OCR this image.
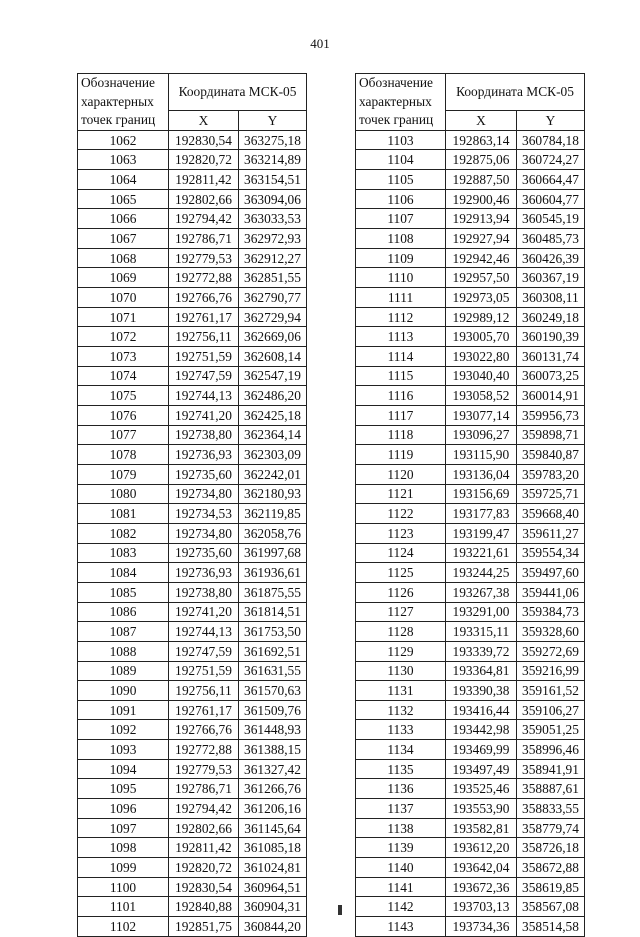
401
Обозначение характерных точек границ	Координата МСК-05	
	X	Y
1062	192830,54	363275,18
1063	192820,72	363214,89
1064	192811,42	363154,51
1065	192802,66	363094,06
1066	192794,42	363033,53
1067	192786,71	362972,93
1068	192779,53	362912,27
1069	192772,88	362851,55
1070	192766,76	362790,77
1071	192761,17	362729,94
1072	192756,11	362669,06
1073	192751,59	362608,14
1074	192747,59	362547,19
1075	192744,13	362486,20
1076	192741,20	362425,18
1077	192738,80	362364,14
1078	192736,93	362303,09
1079	192735,60	362242,01
1080	192734,80	362180,93
1081	192734,53	362119,85
1082	192734,80	362058,76
1083	192735,60	361997,68
1084	192736,93	361936,61
1085	192738,80	361875,55
1086	192741,20	361814,51
1087	192744,13	361753,50
1088	192747,59	361692,51
1089	192751,59	361631,55
1090	192756,11	361570,63
1091	192761,17	361509,76
1092	192766,76	361448,93
1093	192772,88	361388,15
1094	192779,53	361327,42
1095	192786,71	361266,76
1096	192794,42	361206,16
1097	192802,66	361145,64
1098	192811,42	361085,18
1099	192820,72	361024,81
1100	192830,54	360964,51
1101	192840,88	360904,31
1102	192851,75	360844,20
Обозначение характерных точек границ	Координата МСК-05	
	X	Y
1103	192863,14	360784,18
1104	192875,06	360724,27
1105	192887,50	360664,47
1106	192900,46	360604,77
1107	192913,94	360545,19
1108	192927,94	360485,73
1109	192942,46	360426,39
1110	192957,50	360367,19
1111	192973,05	360308,11
1112	192989,12	360249,18
1113	193005,70	360190,39
1114	193022,80	360131,74
1115	193040,40	360073,25
1116	193058,52	360014,91
1117	193077,14	359956,73
1118	193096,27	359898,71
1119	193115,90	359840,87
1120	193136,04	359783,20
1121	193156,69	359725,71
1122	193177,83	359668,40
1123	193199,47	359611,27
1124	193221,61	359554,34
1125	193244,25	359497,60
1126	193267,38	359441,06
1127	193291,00	359384,73
1128	193315,11	359328,60
1129	193339,72	359272,69
1130	193364,81	359216,99
1131	193390,38	359161,52
1132	193416,44	359106,27
1133	193442,98	359051,25
1134	193469,99	358996,46
1135	193497,49	358941,91
1136	193525,46	358887,61
1137	193553,90	358833,55
1138	193582,81	358779,74
1139	193612,20	358726,18
1140	193642,04	358672,88
1141	193672,36	358619,85
1142	193703,13	358567,08
1143	193734,36	358514,58
